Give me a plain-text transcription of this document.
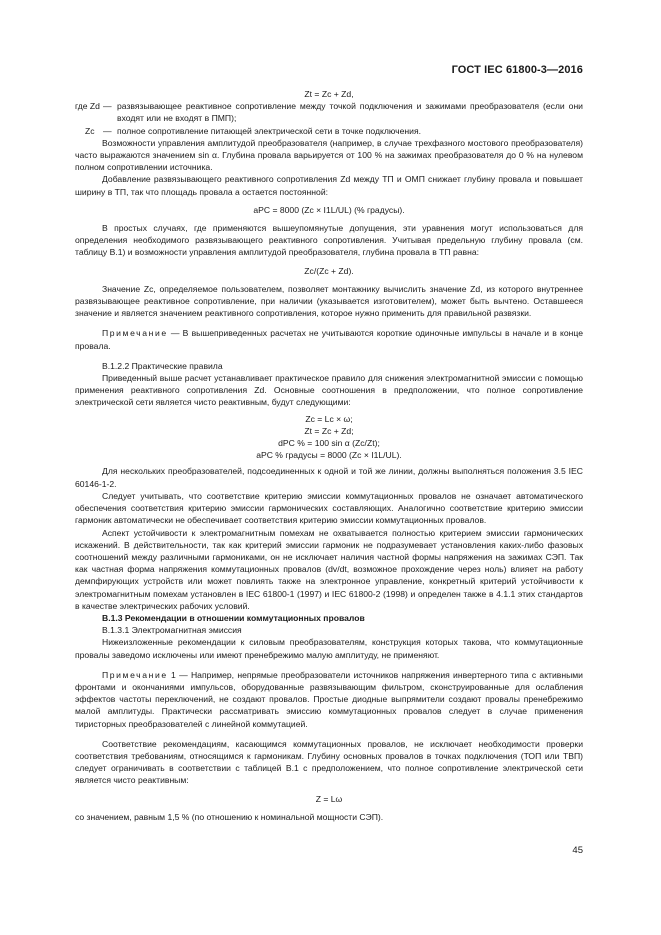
ГОСТ IEC 61800-3—2016

Zt = Zc + Zd,

где Zd — развязывающее реактивное сопротивление между точкой подключения и зажимами преобразователя (если они входят или не входят в ПМП);
Zc — полное сопротивление питающей электрической сети в точке подключения.

Возможности управления амплитудой преобразователя (например, в случае трехфазного мостового преобразователя) часто выражаются значением sin α. Глубина провала варьируется от 100 % на зажимах преобразователя до 0 % на нулевом полном сопротивлении источника.

Добавление развязывающего реактивного сопротивления Zd между ТП и ОМП снижает глубину провала и повышает ширину в ТП, так что площадь провала a остается постоянной:

aPC = 8000 (Zc × I1L/UL) (% градусы).

В простых случаях, где применяются вышеупомянутые допущения, эти уравнения могут использоваться для определения необходимого развязывающего реактивного сопротивления. Учитывая предельную глубину провала (см. таблицу В.1) и возможности управления амплитудой преобразователя, глубина провала в ТП равна:

Zc/(Zc + Zd).

Значение Zc, определяемое пользователем, позволяет монтажнику вычислить значение Zd, из которого внутреннее развязывающее реактивное сопротивление, при наличии (указывается изготовителем), может быть вычтено. Оставшееся значение и является значением реактивного сопротивления, которое нужно применить для правильной развязки.

Примечание — В вышеприведенных расчетах не учитываются короткие одиночные импульсы в начале и в конце провала.

B.1.2.2 Практические правила

Приведенный выше расчет устанавливает практическое правило для снижения электромагнитной эмиссии с помощью применения реактивного сопротивления Zd. Основные соотношения в предположении, что полное сопротивление электрической сети является чисто реактивным, будут следующими:

Zc = Lc × ω;

Zt = Zc + Zd;

dPC % = 100 sin α (Zc/Zt);

aPC % градусы = 8000 (Zc × I1L/UL).

Для нескольких преобразователей, подсоединенных к одной и той же линии, должны выполняться положения 3.5 IEC 60146-1-2.

Следует учитывать, что соответствие критерию эмиссии коммутационных провалов не означает автоматического обеспечения соответствия критерию эмиссии гармонических составляющих. Аналогично соответствие критерию эмиссии гармоник автоматически не обеспечивает соответствия критерию эмиссии коммутационных провалов.

Аспект устойчивости к электромагнитным помехам не охватывается полностью критерием эмиссии гармонических искажений. В действительности, так как критерий эмиссии гармоник не подразумевает установления каких-либо фазовых соотношений между различными гармониками, он не исключает наличия частной формы напряжения на зажимах СЭП. Так как частная форма напряжения коммутационных провалов (dv/dt, возможное прохождение через ноль) влияет на работу демпфирующих устройств или может повлиять также на электронное управление, конкретный критерий устойчивости к электромагнитным помехам установлен в IEC 61800-1 (1997) и IEC 61800-2 (1998) и определен также в 4.1.1 этих стандартов в качестве электрических рабочих условий.

B.1.3 Рекомендации в отношении коммутационных провалов

B.1.3.1 Электромагнитная эмиссия

Нижеизложенные рекомендации к силовым преобразователям, конструкция которых такова, что коммутационные провалы заведомо исключены или имеют пренебрежимо малую амплитуду, не применяют.

Примечание 1 — Например, непрямые преобразователи источников напряжения инвертерного типа с активными фронтами и окончаниями импульсов, оборудованные развязывающим фильтром, сконструированные для ослабления эффектов частоты переключений, не создают провалов. Простые диодные выпрямители создают провалы пренебрежимо малой амплитуды. Практически рассматривать эмиссию коммутационных провалов следует в случае применения тиристорных преобразователей с линейной коммутацией.

Соответствие рекомендациям, касающимся коммутационных провалов, не исключает необходимости проверки соответствия требованиям, относящимся к гармоникам. Глубину основных провалов в точках подключения (ТОП или ТВП) следует ограничивать в соответствии с таблицей В.1 с предположением, что полное сопротивление электрической сети является чисто реактивным:

Z = Lω

со значением, равным 1,5 % (по отношению к номинальной мощности СЭП).

45
